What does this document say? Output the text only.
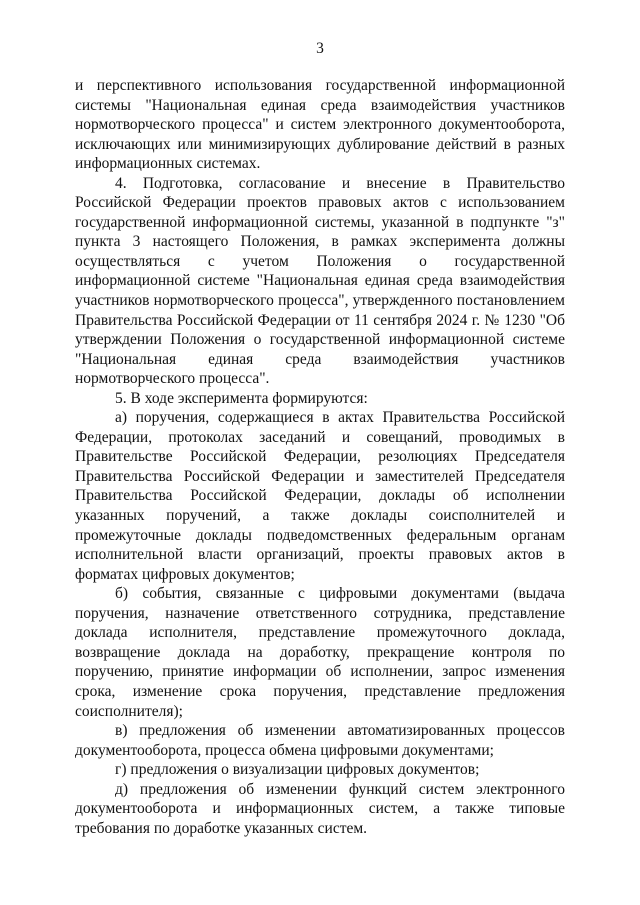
3

и перспективного использования государственной информационной системы "Национальная единая среда взаимодействия участников нормотворческого процесса" и систем электронного документооборота, исключающих или минимизирующих дублирование действий в разных информационных системах.

4. Подготовка, согласование и внесение в Правительство Российской Федерации проектов правовых актов с использованием государственной информационной системы, указанной в подпункте "з" пункта 3 настоящего Положения, в рамках эксперимента должны осуществляться с учетом Положения о государственной информационной системе "Национальная единая среда взаимодействия участников нормотворческого процесса", утвержденного постановлением Правительства Российской Федерации от 11 сентября 2024 г. № 1230 "Об утверждении Положения о государственной информационной системе "Национальная единая среда взаимодействия участников нормотворческого процесса".

5. В ходе эксперимента формируются:

а) поручения, содержащиеся в актах Правительства Российской Федерации, протоколах заседаний и совещаний, проводимых в Правительстве Российской Федерации, резолюциях Председателя Правительства Российской Федерации и заместителей Председателя Правительства Российской Федерации, доклады об исполнении указанных поручений, а также доклады соисполнителей и промежуточные доклады подведомственных федеральным органам исполнительной власти организаций, проекты правовых актов в форматах цифровых документов;

б) события, связанные с цифровыми документами (выдача поручения, назначение ответственного сотрудника, представление доклада исполнителя, представление промежуточного доклада, возвращение доклада на доработку, прекращение контроля по поручению, принятие информации об исполнении, запрос изменения срока, изменение срока поручения, представление предложения соисполнителя);

в) предложения об изменении автоматизированных процессов документооборота, процесса обмена цифровыми документами;

г) предложения о визуализации цифровых документов;

д) предложения об изменении функций систем электронного документооборота и информационных систем, а также типовые требования по доработке указанных систем.
